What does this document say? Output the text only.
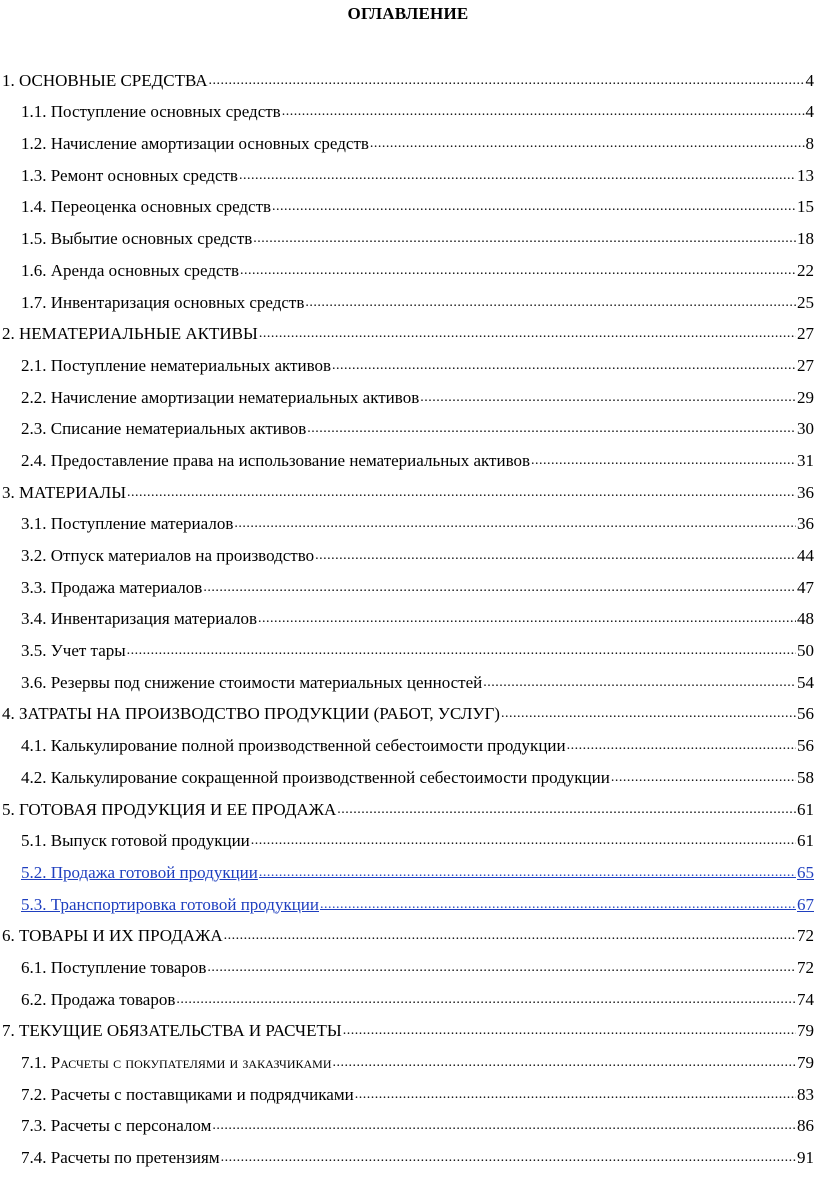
ОГЛАВЛЕНИЕ
1. ОСНОВНЫЕ СРЕДСТВА .....	4
1.1. Поступление основных средств .....	4
1.2. Начисление амортизации основных средств .....	8
1.3. Ремонт основных средств .....	13
1.4. Переоценка основных средств .....	15
1.5. Выбытие основных средств .....	18
1.6. Аренда основных средств .....	22
1.7. Инвентаризация основных средств .....	25
2. НЕМАТЕРИАЛЬНЫЕ АКТИВЫ .....	27
2.1. Поступление нематериальных активов .....	27
2.2. Начисление амортизации нематериальных активов .....	29
2.3. Списание нематериальных активов .....	30
2.4. Предоставление права на использование нематериальных активов .....	31
3. МАТЕРИАЛЫ .....	36
3.1. Поступление материалов .....	36
3.2. Отпуск материалов на производство .....	44
3.3. Продажа материалов .....	47
3.4. Инвентаризация материалов .....	48
3.5. Учет тары .....	50
3.6. Резервы под снижение стоимости материальных ценностей .....	54
4. ЗАТРАТЫ НА ПРОИЗВОДСТВО ПРОДУКЦИИ (РАБОТ, УСЛУГ) .....	56
4.1. Калькулирование полной производственной себестоимости продукции .....	56
4.2. Калькулирование сокращенной производственной себестоимости продукции .....	58
5. ГОТОВАЯ ПРОДУКЦИЯ И ЕЕ ПРОДАЖА .....	61
5.1. Выпуск готовой продукции .....	61
5.2. Продажа готовой продукции .....	65
5.3. Транспортировка готовой продукции .....	67
6. ТОВАРЫ И ИХ ПРОДАЖА .....	72
6.1. Поступление товаров .....	72
6.2. Продажа товаров .....	74
7. ТЕКУЩИЕ ОБЯЗАТЕЛЬСТВА И РАСЧЕТЫ .....	79
7.1. Расчеты с покупателями и заказчиками .....	79
7.2. Расчеты с поставщиками и подрядчиками .....	83
7.3. Расчеты с персоналом .....	86
7.4. Расчеты по претензиям .....	91
